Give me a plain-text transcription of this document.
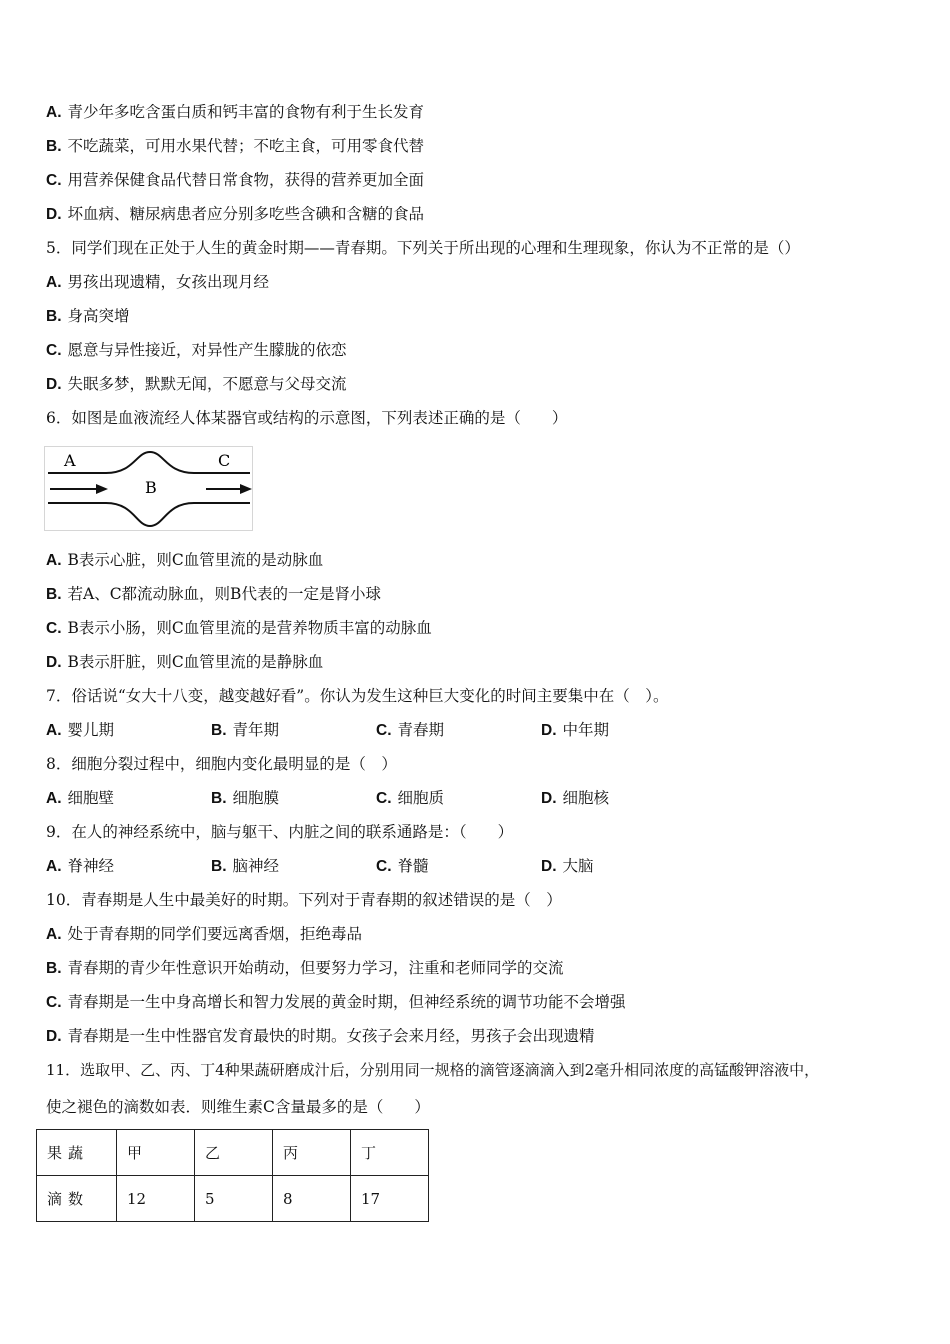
A. 青少年多吃含蛋白质和钙丰富的食物有利于生长发育
B. 不吃蔬菜，可用水果代替；不吃主食，可用零食代替
C. 用营养保健食品代替日常食物，获得的营养更加全面
D. 坏血病、糖尿病患者应分别多吃些含碘和含糖的食品
5．同学们现在正处于人生的黄金时期——青春期。下列关于所出现的心理和生理现象，你认为不正常的是（）
A. 男孩出现遗精，女孩出现月经
B. 身高突增
C. 愿意与异性接近，对异性产生朦胧的依恋
D. 失眠多梦，默默无闻，不愿意与父母交流
6．如图是血液流经人体某器官或结构的示意图，下列表述正确的是（　　）
A
B
C
A. B表示心脏，则C血管里流的是动脉血
B. 若A、C都流动脉血，则B代表的一定是肾小球
C. B表示小肠，则C血管里流的是营养物质丰富的动脉血
D. B表示肝脏，则C血管里流的是静脉血
7．俗话说“女大十八变，越变越好看”。你认为发生这种巨大变化的时间主要集中在（　）。
A. 婴儿期	B. 青年期	C. 青春期	D. 中年期
8．细胞分裂过程中，细胞内变化最明显的是（　）
A. 细胞壁	B. 细胞膜	C. 细胞质	D. 细胞核
9．在人的神经系统中，脑与躯干、内脏之间的联系通路是：（　　）
A. 脊神经	B. 脑神经	C. 脊髓	D. 大脑
10．青春期是人生中最美好的时期。下列对于青春期的叙述错误的是（　）
A. 处于青春期的同学们要远离香烟，拒绝毒品
B. 青春期的青少年性意识开始萌动，但要努力学习，注重和老师同学的交流
C. 青春期是一生中身高增长和智力发展的黄金时期，但神经系统的调节功能不会增强
D. 青春期是一生中性器官发育最快的时期。女孩子会来月经，男孩子会出现遗精
11．选取甲、乙、丙、丁4种果蔬研磨成汁后，分别用同一规格的滴管逐滴滴入到2毫升相同浓度的高锰酸钾溶液中，
使之褪色的滴数如表．则维生素C含量最多的是（　　）
果蔬	甲	乙	丙	丁
滴数	12	5	8	17
